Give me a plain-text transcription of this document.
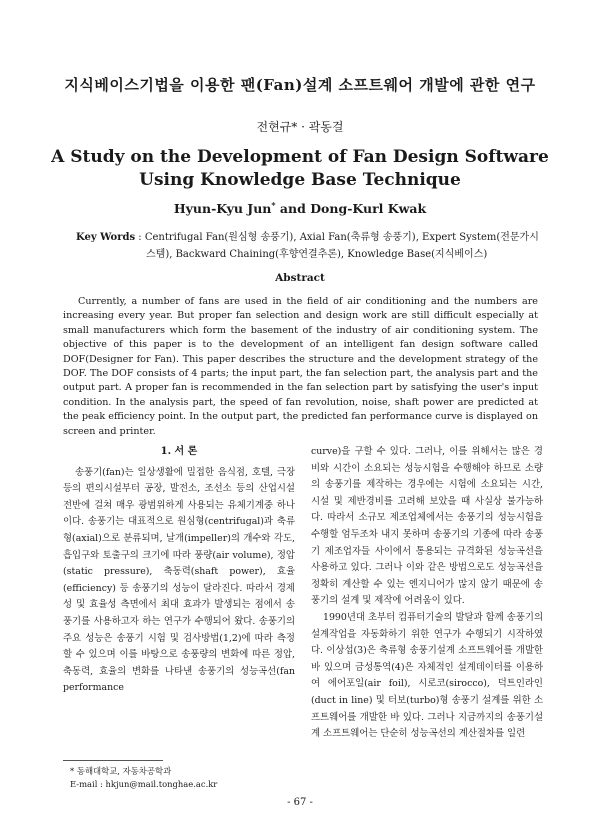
지식베이스기법을 이용한 팬(Fan)설계 소프트웨어 개발에 관한 연구
전현규* · 곽동걸
A Study on the Development of Fan Design Software Using Knowledge Base Technique
Hyun-Kyu Jun* and Dong-Kurl Kwak
Key Words : Centrifugal Fan(원심형 송풍기), Axial Fan(축류형 송풍기), Expert System(전문가시
스템), Backward Chaining(후향연결추론), Knowledge Base(지식베이스)
Abstract

Currently, a number of fans are used in the field of air conditioning and the numbers are increasing every year. But proper fan selection and design work are still difficult especially at small manufacturers which form the basement of the industry of air conditioning system. The objective of this paper is to the development of an intelligent fan design software called DOF(Designer for Fan). This paper describes the structure and the development strategy of the DOF. The DOF consists of 4 parts; the input part, the fan selection part, the analysis part and the output part. A proper fan is recommended in the fan selection part by satisfying the user's input condition. In the analysis part, the speed of fan revolution, noise, shaft power are predicted at the peak efficiency point. In the output part, the predicted fan performance curve is displayed on screen and printer.

1. 서 론

송풍기(fan)는 일상생활에 밀접한 음식점, 호텔, 극장 등의 편의시설부터 공장, 발전소, 조선소 등의 산업시설전반에 걸쳐 매우 광범위하게 사용되는 유체기계중 하나이다. 송풍기는 대표적으로 원심형(centrifugal)과 축류형(axial)으로 분류되며, 날개(impeller)의 개수와 각도, 흡입구와 토출구의 크기에 따라 풍량(air volume), 정압(static pressure), 축동력(shaft power), 효율(efficiency) 등 송풍기의 성능이 달라진다. 따라서 경제성 및 효율성 측면에서 최대 효과가 발생되는 점에서 송풍기를 사용하고자 하는 연구가 수행되어 왔다. 송풍기의 주요 성능은 송풍기 시험 및 검사방법(1,2)에 따라 측정할 수 있으며 이를 바탕으로 송풍량의 변화에 따른 정압, 축동력, 효율의 변화를 나타낸 송풍기의 성능곡선(fan performance

curve)을 구할 수 있다. 그러나, 이를 위해서는 많은 경비와 시간이 소요되는 성능시험을 수행해야 하므로 소량의 송풍기를 제작하는 경우에는 시험에 소요되는 시간, 시설 및 제반경비를 고려해 보았을 때 사실상 불가능하다. 따라서 소규모 제조업체에서는 송풍기의 성능시험을 수행할 엄두조차 내지 못하며 송풍기의 기종에 따라 송풍기 제조업자들 사이에서 통용되는 규격화된 성능곡선을 사용하고 있다. 그러나 이와 같은 방법으로도 성능곡선을 정확히 계산할 수 있는 엔지니어가 많지 않기 때문에 송풍기의 설계 및 제작에 어려움이 있다.

1990년대 초부터 컴퓨터기술의 발달과 함께 송풍기의 설계작업을 자동화하기 위한 연구가 수행되기 시작하였다. 이상섭(3)은 축류형 송풍기설계 소프트웨어를 개발한 바 있으며 금성통역(4)은 자체적인 설계데이터를 이용하여 에어포일(air foil), 시로코(sirocco), 덕트인라인(duct in line) 및 터보(turbo)형 송풍기 설계를 위한 소프트웨어를 개발한 바 있다. 그러나 지금까지의 송풍기설계 소프트웨어는 단순히 성능곡선의 계산절차를 일련

* 동해대학교, 자동차공학과
E-mail : hkjun@mail.tonghae.ac.kr
- 67 -
